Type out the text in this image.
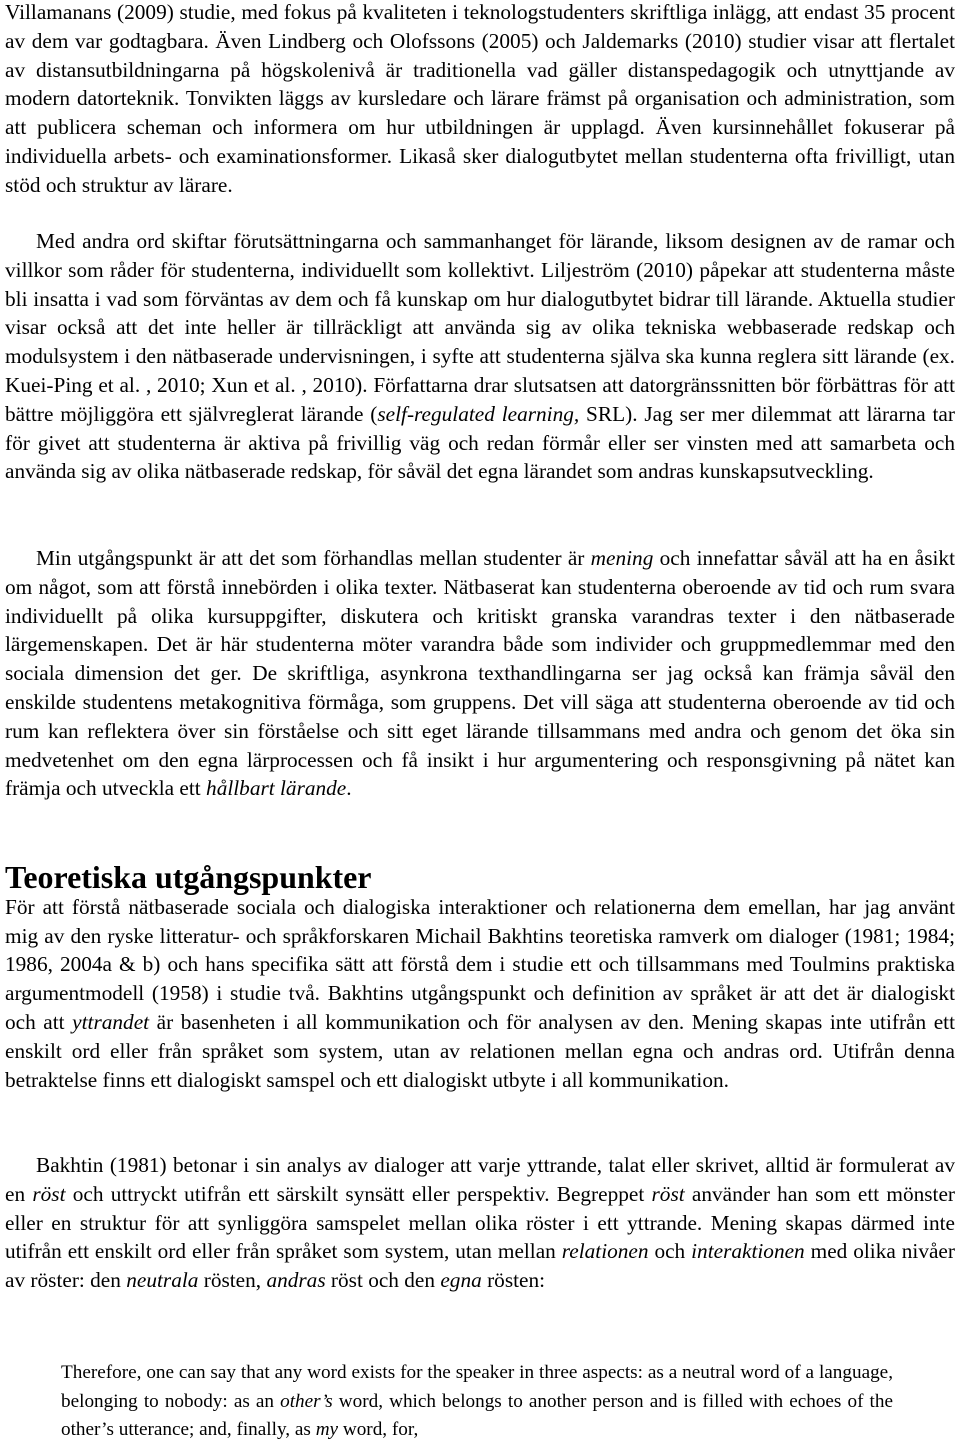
Villamanans (2009) studie, med fokus på kvaliteten i teknologstudenters skriftliga inlägg, att endast 35 procent av dem var godtagbara. Även Lindberg och Olofssons (2005) och Jaldemarks (2010) studier visar att flertalet av distansutbildningarna på högskolenivå är traditionella vad gäller distanspedagogik och utnyttjande av modern datorteknik. Tonvikten läggs av kursledare och lärare främst på organisation och administration, som att publicera scheman och informera om hur utbildningen är upplagd. Även kursinnehållet fokuserar på individuella arbets- och examinationsformer. Likaså sker dialogutbytet mellan studenterna ofta frivilligt, utan stöd och struktur av lärare.

Med andra ord skiftar förutsättningarna och sammanhanget för lärande, liksom designen av de ramar och villkor som råder för studenterna, individuellt som kollektivt. Liljeström (2010) påpekar att studenterna måste bli insatta i vad som förväntas av dem och få kunskap om hur dialogutbytet bidrar till lärande. Aktuella studier visar också att det inte heller är tillräckligt att använda sig av olika tekniska webbaserade redskap och modulsystem i den nätbaserade undervisningen, i syfte att studenterna själva ska kunna reglera sitt lärande (ex. Kuei-Ping et al. , 2010; Xun et al. , 2010). Författarna drar slutsatsen att datorgränssnitten bör förbättras för att bättre möjliggöra ett självreglerat lärande (self-regulated learning, SRL). Jag ser mer dilemmat att lärarna tar för givet att studenterna är aktiva på frivillig väg och redan förmår eller ser vinsten med att samarbeta och använda sig av olika nätbaserade redskap, för såväl det egna lärandet som andras kunskapsutveckling.

Min utgångspunkt är att det som förhandlas mellan studenter är mening och innefattar såväl att ha en åsikt om något, som att förstå innebörden i olika texter. Nätbaserat kan studenterna oberoende av tid och rum svara individuellt på olika kursuppgifter, diskutera och kritiskt granska varandras texter i den nätbaserade lärgemenskapen. Det är här studenterna möter varandra både som individer och gruppmedlemmar med den sociala dimension det ger. De skriftliga, asynkrona texthandlingarna ser jag också kan främja såväl den enskilde studentens metakognitiva förmåga, som gruppens. Det vill säga att studenterna oberoende av tid och rum kan reflektera över sin förståelse och sitt eget lärande tillsammans med andra och genom det öka sin medvetenhet om den egna lärprocessen och få insikt i hur argumentering och responsgivning på nätet kan främja och utveckla ett hållbart lärande.

Teoretiska utgångspunkter

För att förstå nätbaserade sociala och dialogiska interaktioner och relationerna dem emellan, har jag använt mig av den ryske litteratur- och språkforskaren Michail Bakhtins teoretiska ramverk om dialoger (1981; 1984; 1986, 2004a & b) och hans specifika sätt att förstå dem i studie ett och tillsammans med Toulmins praktiska argumentmodell (1958) i studie två. Bakhtins utgångspunkt och definition av språket är att det är dialogiskt och att yttrandet är basenheten i all kommunikation och för analysen av den. Mening skapas inte utifrån ett enskilt ord eller från språket som system, utan av relationen mellan egna och andras ord. Utifrån denna betraktelse finns ett dialogiskt samspel och ett dialogiskt utbyte i all kommunikation.

Bakhtin (1981) betonar i sin analys av dialoger att varje yttrande, talat eller skrivet, alltid är formulerat av en röst och uttryckt utifrån ett särskilt synsätt eller perspektiv. Begreppet röst använder han som ett mönster eller en struktur för att synliggöra samspelet mellan olika röster i ett yttrande. Mening skapas därmed inte utifrån ett enskilt ord eller från språket som system, utan mellan relationen och interaktionen med olika nivåer av röster: den neutrala rösten, andras röst och den egna rösten:

Therefore, one can say that any word exists for the speaker in three aspects: as a neutral word of a language, belonging to nobody: as an other’s word, which belongs to another person and is filled with echoes of the other’s utterance; and, finally, as my word, for,
